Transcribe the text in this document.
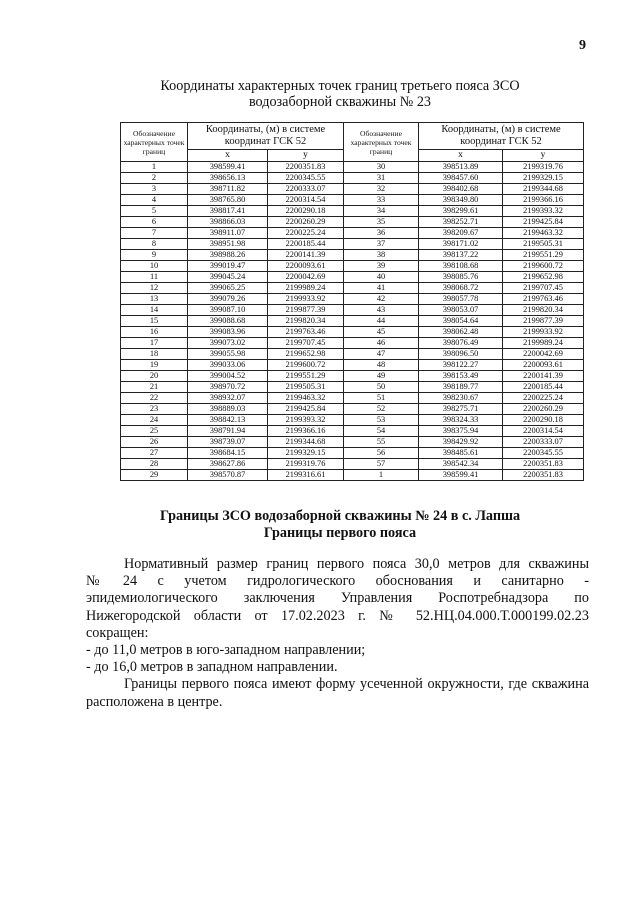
9
Координаты характерных точек границ третьего пояса ЗСО
водозаборной скважины № 23
Обозначение характерных точек границ	Координаты, (м) в системе координат ГСК 52		Обозначение характерных точек границ	Координаты, (м) в системе координат ГСК 52	
	x	y		x	y
1	398599.41	2200351.83	30	398513.89	2199319.76
2	398656.13	2200345.55	31	398457.60	2199329.15
3	398711.82	2200333.07	32	398402.68	2199344.68
4	398765.80	2200314.54	33	398349.80	2199366.16
5	398817.41	2200290.18	34	398299.61	2199393.32
6	398866.03	2200260.29	35	398252.71	2199425.84
7	398911.07	2200225.24	36	398209.67	2199463.32
8	398951.98	2200185.44	37	398171.02	2199505.31
9	398988.26	2200141.39	38	398137.22	2199551.29
10	399019.47	2200093.61	39	398108.68	2199600.72
11	399045.24	2200042.69	40	398085.76	2199652.98
12	399065.25	2199989.24	41	398068.72	2199707.45
13	399079.26	2199933.92	42	398057.78	2199763.46
14	399087.10	2199877.39	43	398053.07	2199820.34
15	399088.68	2199820.34	44	398054.64	2199877.39
16	399083.96	2199763.46	45	398062.48	2199933.92
17	399073.02	2199707.45	46	398076.49	2199989.24
18	399055.98	2199652.98	47	398096.50	2200042.69
19	399033.06	2199600.72	48	398122.27	2200093.61
20	399004.52	2199551.29	49	398153.49	2200141.39
21	398970.72	2199505.31	50	398189.77	2200185.44
22	398932.07	2199463.32	51	398230.67	2200225.24
23	398889.03	2199425.84	52	398275.71	2200260.29
24	398842.13	2199393.32	53	398324.33	2200290.18
25	398791.94	2199366.16	54	398375.94	2200314.54
26	398739.07	2199344.68	55	398429.92	2200333.07
27	398684.15	2199329.15	56	398485.61	2200345.55
28	398627.86	2199319.76	57	398542.34	2200351.83
29	398570.87	2199316.61	1	398599.41	2200351.83
Границы ЗСО водозаборной скважины № 24 в с. Лапша
Границы первого пояса

Нормативный размер границ первого пояса 30,0 метров для скважины

№ 24 с учетом гидрологического обоснования и санитарно -

эпидемиологического заключения Управления Роспотребнадзора по

Нижегородской области от 17.02.2023 г. № 52.НЦ.04.000.Т.000199.02.23

сокращен:

- до 11,0 метров в юго-западном направлении;

- до 16,0 метров в западном направлении.

Границы первого пояса имеют форму усеченной окружности, где скважина

расположена в центре.
